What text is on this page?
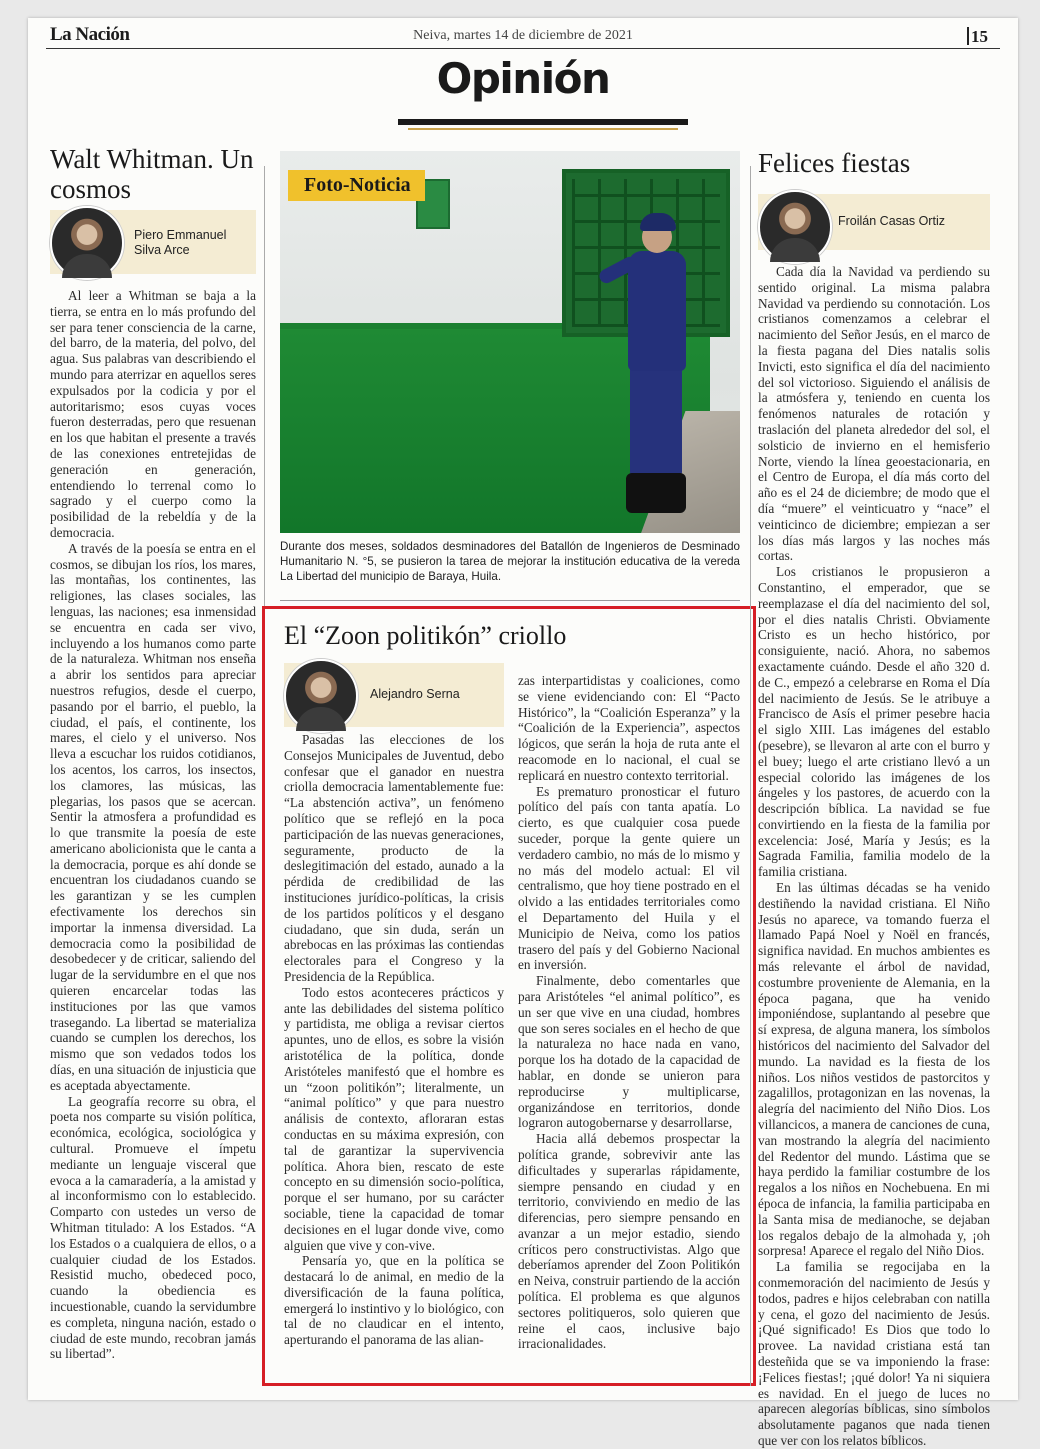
La Nación	Neiva, martes 14 de diciembre de 2021	15
Opinión
Walt Whitman. Un cosmos
Piero Emmanuel Silva Arce

Al leer a Whitman se baja a la tierra, se entra en lo más profundo del ser para tener consciencia de la carne, del barro, de la materia, del polvo, del agua. Sus palabras van describiendo el mundo para aterrizar en aquellos seres expulsados por la codicia y por el autoritarismo; esos cuyas voces fueron desterradas, pero que resuenan en los que habitan el presente a través de las conexiones entretejidas de generación en generación, entendiendo lo terrenal como lo sagrado y el cuerpo como la posibilidad de la rebeldía y de la democracia.

A través de la poesía se entra en el cosmos, se dibujan los ríos, los mares, las montañas, los continentes, las religiones, las clases sociales, las lenguas, las naciones; esa inmensidad se encuentra en cada ser vivo, incluyendo a los humanos como parte de la naturaleza. Whitman nos enseña a abrir los sentidos para apreciar nuestros refugios, desde el cuerpo, pasando por el barrio, el pueblo, la ciudad, el país, el continente, los mares, el cielo y el universo. Nos lleva a escuchar los ruidos cotidianos, los acentos, los carros, los insectos, los clamores, las músicas, las plegarias, los pasos que se acercan. Sentir la atmosfera a profundidad es lo que transmite la poesía de este americano abolicionista que le canta a la democracia, porque es ahí donde se encuentran los ciudadanos cuando se les garantizan y se les cumplen efectivamente los derechos sin importar la inmensa diversidad. La democracia como la posibilidad de desobedecer y de criticar, saliendo del lugar de la servidumbre en el que nos quieren encarcelar todas las instituciones por las que vamos trasegando. La libertad se materializa cuando se cumplen los derechos, los mismo que son vedados todos los días, en una situación de injusticia que es aceptada abyectamente.

La geografía recorre su obra, el poeta nos comparte su visión política, económica, ecológica, sociológica y cultural. Promueve el ímpetu mediante un lenguaje visceral que evoca a la camaradería, a la amistad y al inconformismo con lo establecido. Comparto con ustedes un verso de Whitman titulado: A los Estados. “A los Estados o a cualquiera de ellos, o a cualquier ciudad de los Estados. Resistid mucho, obedeced poco, cuando la obediencia es incuestionable, cuando la servidumbre es completa, ninguna nación, estado o ciudad de este mundo, recobran jamás su libertad”.

Foto-Noticia
Durante dos meses, soldados desminadores del Batallón de Ingenieros de Desminado Humanitario N. °5, se pusieron la tarea de mejorar la institución educativa de la vereda La Libertad del municipio de Baraya, Huila.
El “Zoon politikón” criollo
Alejandro Serna

Pasadas las elecciones de los Consejos Municipales de Juventud, debo confesar que el ganador en nuestra criolla democracia lamentablemente fue: “La abstención activa”, un fenómeno político que se reflejó en la poca participación de las nuevas generaciones, seguramente, producto de la deslegitimación del estado, aunado a la pérdida de credibilidad de las instituciones jurídico-políticas, la crisis de los partidos políticos y el desgano ciudadano, que sin duda, serán un abrebocas en las próximas las contiendas electorales para el Congreso y la Presidencia de la República.

Todo estos aconteceres prácticos y ante las debilidades del sistema político y partidista, me obliga a revisar ciertos apuntes, uno de ellos, es sobre la visión aristotélica de la política, donde Aristóteles manifestó que el hombre es un “zoon politikón”; literalmente, un “animal político” y que para nuestro análisis de contexto, afloraran estas conductas en su máxima expresión, con tal de garantizar la supervivencia política. Ahora bien, rescato de este concepto en su dimensión socio-política, porque el ser humano, por su carácter sociable, tiene la capacidad de tomar decisiones en el lugar donde vive, como alguien que vive y con-vive.

Pensaría yo, que en la política se destacará lo de animal, en medio de la diversificación de la fauna política, emergerá lo instintivo y lo biológico, con tal de no claudicar en el intento, aperturando el panorama de las alian-

zas interpartidistas y coaliciones, como se viene evidenciando con: El “Pacto Histórico”, la “Coalición Esperanza” y la “Coalición de la Experiencia”, aspectos lógicos, que serán la hoja de ruta ante el reacomode en lo nacional, el cual se replicará en nuestro contexto territorial.

Es prematuro pronosticar el futuro político del país con tanta apatía. Lo cierto, es que cualquier cosa puede suceder, porque la gente quiere un verdadero cambio, no más de lo mismo y no más del modelo actual: El vil centralismo, que hoy tiene postrado en el olvido a las entidades territoriales como el Departamento del Huila y el Municipio de Neiva, como los patios trasero del país y del Gobierno Nacional en inversión.

Finalmente, debo comentarles que para Aristóteles “el animal político”, es un ser que vive en una ciudad, hombres que son seres sociales en el hecho de que la naturaleza no hace nada en vano, porque los ha dotado de la capacidad de hablar, en donde se unieron para reproducirse y multiplicarse, organizándose en territorios, donde lograron autogobernarse y desarrollarse,

Hacia allá debemos prospectar la política grande, sobrevivir ante las dificultades y superarlas rápidamente, siempre pensando en ciudad y en territorio, conviviendo en medio de las diferencias, pero siempre pensando en avanzar a un mejor estadio, siendo críticos pero constructivistas. Algo que deberíamos aprender del Zoon Politikón en Neiva, construir partiendo de la acción política. El problema es que algunos sectores politiqueros, solo quieren que reine el caos, inclusive bajo irracionalidades.

Felices fiestas
Froilán Casas Ortiz

Cada día la Navidad va perdiendo su sentido original. La misma palabra Navidad va perdiendo su connotación. Los cristianos comenzamos a celebrar el nacimiento del Señor Jesús, en el marco de la fiesta pagana del Dies natalis solis Invicti, esto significa el día del nacimiento del sol victorioso. Siguiendo el análisis de la atmósfera y, teniendo en cuenta los fenómenos naturales de rotación y traslación del planeta alrededor del sol, el solsticio de invierno en el hemisferio Norte, viendo la línea geoestacionaria, en el Centro de Europa, el día más corto del año es el 24 de diciembre; de modo que el día “muere” el veinticuatro y “nace” el veinticinco de diciembre; empiezan a ser los días más largos y las noches más cortas.

Los cristianos le propusieron a Constantino, el emperador, que se reemplazase el día del nacimiento del sol, por el dies natalis Christi. Obviamente Cristo es un hecho histórico, por consiguiente, nació. Ahora, no sabemos exactamente cuándo. Desde el año 320 d. de C., empezó a celebrarse en Roma el Día del nacimiento de Jesús. Se le atribuye a Francisco de Asís el primer pesebre hacia el siglo XIII. Las imágenes del establo (pesebre), se llevaron al arte con el burro y el buey; luego el arte cristiano llevó a un especial colorido las imágenes de los ángeles y los pastores, de acuerdo con la descripción bíblica. La navidad se fue convirtiendo en la fiesta de la familia por excelencia: José, María y Jesús; es la Sagrada Familia, familia modelo de la familia cristiana.

En las últimas décadas se ha venido destiñendo la navidad cristiana. El Niño Jesús no aparece, va tomando fuerza el llamado Papá Noel y Noël en francés, significa navidad. En muchos ambientes es más relevante el árbol de navidad, costumbre proveniente de Alemania, en la época pagana, que ha venido imponiéndose, suplantando al pesebre que sí expresa, de alguna manera, los símbolos históricos del nacimiento del Salvador del mundo. La navidad es la fiesta de los niños. Los niños vestidos de pastorcitos y zagalillos, protagonizan en las novenas, la alegría del nacimiento del Niño Dios. Los villancicos, a manera de canciones de cuna, van mostrando la alegría del nacimiento del Redentor del mundo. Lástima que se haya perdido la familiar costumbre de los regalos a los niños en Nochebuena. En mi época de infancia, la familia participaba en la Santa misa de medianoche, se dejaban los regalos debajo de la almohada y, ¡oh sorpresa! Aparece el regalo del Niño Dios.

La familia se regocijaba en la conmemoración del nacimiento de Jesús y todos, padres e hijos celebraban con natilla y cena, el gozo del nacimiento de Jesús. ¡Qué significado! Es Dios que todo lo provee. La navidad cristiana está tan desteñida que se va imponiendo la frase: ¡Felices fiestas!; ¡qué dolor! Ya ni siquiera es navidad. En el juego de luces no aparecen alegorías bíblicas, sino símbolos absolutamente paganos que nada tienen que ver con los relatos bíblicos.
